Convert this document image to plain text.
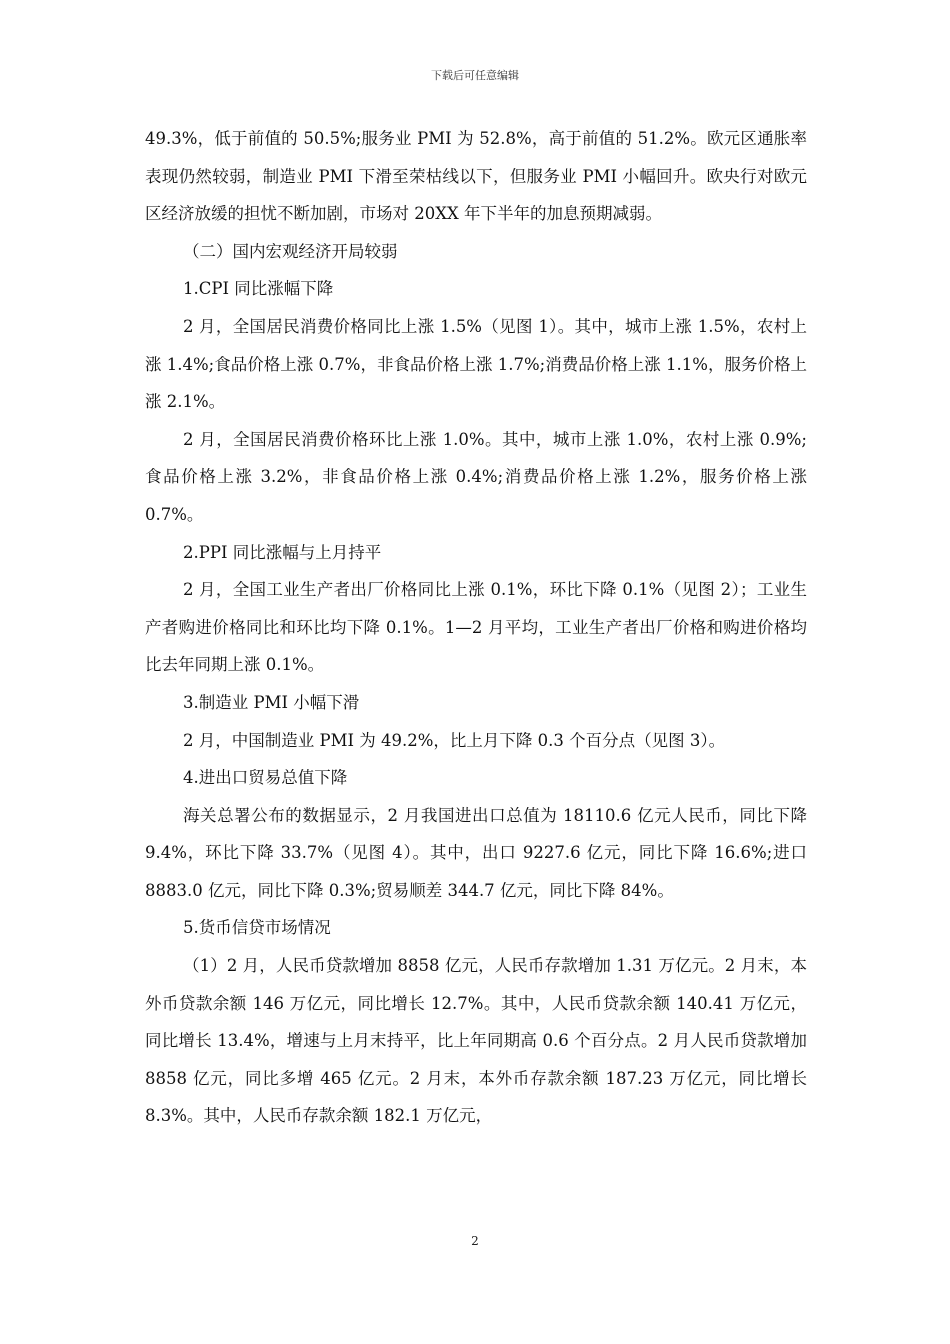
下载后可任意编辑

49.3%，低于前值的 50.5%;服务业 PMI 为 52.8%，高于前值的 51.2%。欧元区通胀率表现仍然较弱，制造业 PMI 下滑至荣枯线以下，但服务业 PMI 小幅回升。欧央行对欧元区经济放缓的担忧不断加剧，市场对 20XX 年下半年的加息预期减弱。

（二）国内宏观经济开局较弱

1.CPI 同比涨幅下降

2 月，全国居民消费价格同比上涨 1.5%（见图 1）。其中，城市上涨 1.5%，农村上涨 1.4%;食品价格上涨 0.7%，非食品价格上涨 1.7%;消费品价格上涨 1.1%，服务价格上涨 2.1%。

2 月，全国居民消费价格环比上涨 1.0%。其中，城市上涨 1.0%，农村上涨 0.9%;食品价格上涨 3.2%，非食品价格上涨 0.4%;消费品价格上涨 1.2%，服务价格上涨 0.7%。

2.PPI 同比涨幅与上月持平

2 月，全国工业生产者出厂价格同比上涨 0.1%，环比下降 0.1%（见图 2）；工业生产者购进价格同比和环比均下降 0.1%。1—2 月平均，工业生产者出厂价格和购进价格均比去年同期上涨 0.1%。

3.制造业 PMI 小幅下滑

2 月，中国制造业 PMI 为 49.2%，比上月下降 0.3 个百分点（见图 3）。

4.进出口贸易总值下降

海关总署公布的数据显示，2 月我国进出口总值为 18110.6 亿元人民币，同比下降 9.4%，环比下降 33.7%（见图 4）。其中，出口 9227.6 亿元，同比下降 16.6%;进口 8883.0 亿元，同比下降 0.3%;贸易顺差 344.7 亿元，同比下降 84%。

5.货币信贷市场情况

（1）2 月，人民币贷款增加 8858 亿元，人民币存款增加 1.31 万亿元。2 月末，本外币贷款余额 146 万亿元，同比增长 12.7%。其中，人民币贷款余额 140.41 万亿元，同比增长 13.4%，增速与上月末持平，比上年同期高 0.6 个百分点。2 月人民币贷款增加 8858 亿元，同比多增 465 亿元。2 月末，本外币存款余额 187.23 万亿元，同比增长 8.3%。其中，人民币存款余额 182.1 万亿元，

2
